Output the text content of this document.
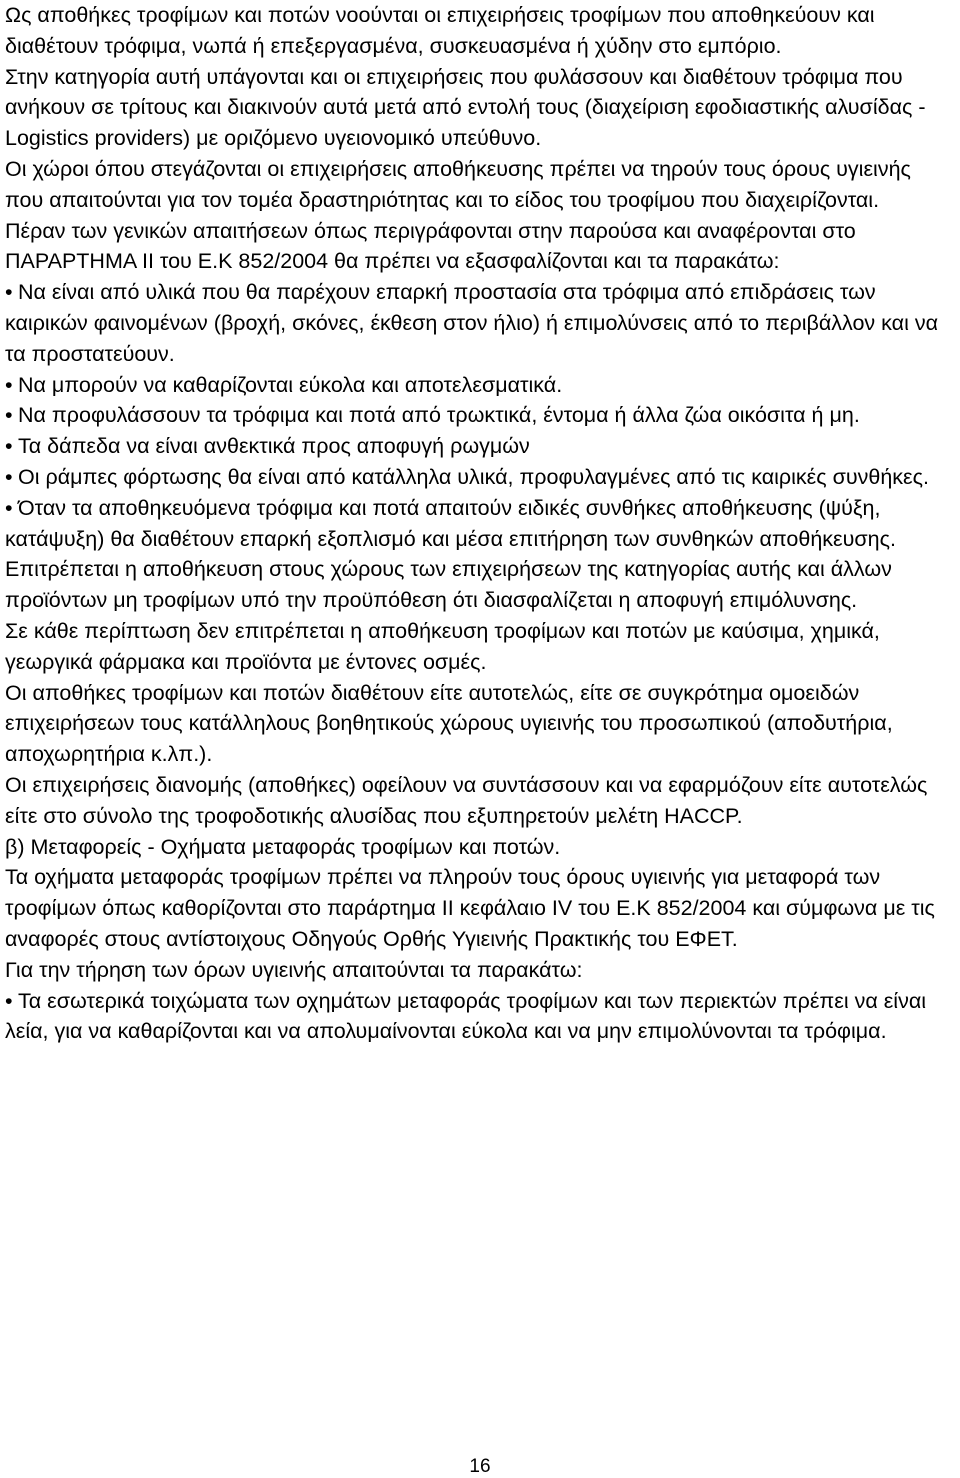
Ως αποθήκες τροφίμων και ποτών νοούνται οι επιχειρήσεις τροφίμων που αποθηκεύουν και διαθέτουν τρόφιμα, νωπά ή επεξεργασμένα, συσκευασμένα ή χύδην στο εμπόριο.

Στην κατηγορία αυτή υπάγονται και οι επιχειρήσεις που φυλάσσουν και διαθέτουν τρόφιμα που ανήκουν σε τρίτους και διακινούν αυτά μετά από εντολή τους (διαχείριση εφοδιαστικής αλυσίδας - Logistics providers) με οριζόμενο υγειονομικό υπεύθυνο.

Οι χώροι όπου στεγάζονται οι επιχειρήσεις αποθήκευσης πρέπει να τηρούν τους όρους υγιεινής που απαιτούνται για τον τομέα δραστηριότητας και το είδος του τροφίμου που διαχειρίζονται.

Πέραν των γενικών απαιτήσεων όπως περιγράφονται στην παρούσα και αναφέρονται στο ΠΑΡΑΡΤΗΜΑ ΙΙ του Ε.Κ 852/2004 θα πρέπει να εξασφαλίζονται και τα παρακάτω:

• Να είναι από υλικά που θα παρέχουν επαρκή προστασία στα τρόφιμα από επιδράσεις των καιρικών φαινομένων (βροχή, σκόνες, έκθεση στον ήλιο) ή επιμολύνσεις από το περιβάλλον και να τα προστατεύουν.

• Να μπορούν να καθαρίζονται εύκολα και αποτελεσματικά.

• Να προφυλάσσουν τα τρόφιμα και ποτά από τρωκτικά, έντομα ή άλλα ζώα οικόσιτα ή μη.

• Τα δάπεδα να είναι ανθεκτικά προς αποφυγή ρωγμών

• Οι ράμπες φόρτωσης θα είναι από κατάλληλα υλικά, προφυλαγμένες από τις καιρικές συνθήκες.

• Όταν τα αποθηκευόμενα τρόφιμα και ποτά απαιτούν ειδικές συνθήκες αποθήκευσης (ψύξη, κατάψυξη) θα διαθέτουν επαρκή εξοπλισμό και μέσα επιτήρηση των συνθηκών αποθήκευσης.

Επιτρέπεται η αποθήκευση στους χώρους των επιχειρήσεων της κατηγορίας αυτής και άλλων προϊόντων μη τροφίμων υπό την προϋπόθεση ότι διασφαλίζεται η αποφυγή επιμόλυνσης.

Σε κάθε περίπτωση δεν επιτρέπεται η αποθήκευση τροφίμων και ποτών με καύσιμα, χημικά, γεωργικά φάρμακα και προϊόντα με έντονες οσμές.

Οι αποθήκες τροφίμων και ποτών διαθέτουν είτε αυτοτελώς, είτε σε συγκρότημα ομοειδών επιχειρήσεων τους κατάλληλους βοηθητικούς χώρους υγιεινής του προσωπικού (αποδυτήρια, αποχωρητήρια κ.λπ.).

Οι επιχειρήσεις διανομής (αποθήκες) οφείλουν να συντάσσουν και να εφαρμόζουν είτε αυτοτελώς είτε στο σύνολο της τροφοδοτικής αλυσίδας που εξυπηρετούν μελέτη HACCP.

β) Μεταφορείς - Οχήματα μεταφοράς τροφίμων και ποτών.

Τα οχήματα μεταφοράς τροφίμων πρέπει να πληρούν τους όρους υγιεινής για μεταφορά των τροφίμων όπως καθορίζονται στο παράρτημα ΙΙ κεφάλαιο ΙV του Ε.Κ 852/2004 και σύμφωνα με τις αναφορές στους αντίστοιχους Οδηγούς Ορθής Υγιεινής Πρακτικής του ΕΦΕΤ.

Για την τήρηση των όρων υγιεινής απαιτούνται τα παρακάτω:

• Τα εσωτερικά τοιχώματα των οχημάτων μεταφοράς τροφίμων και των περιεκτών πρέπει να είναι λεία, για να καθαρίζονται και να απολυμαίνονται εύκολα και να μην επιμολύνονται τα τρόφιμα.

16
